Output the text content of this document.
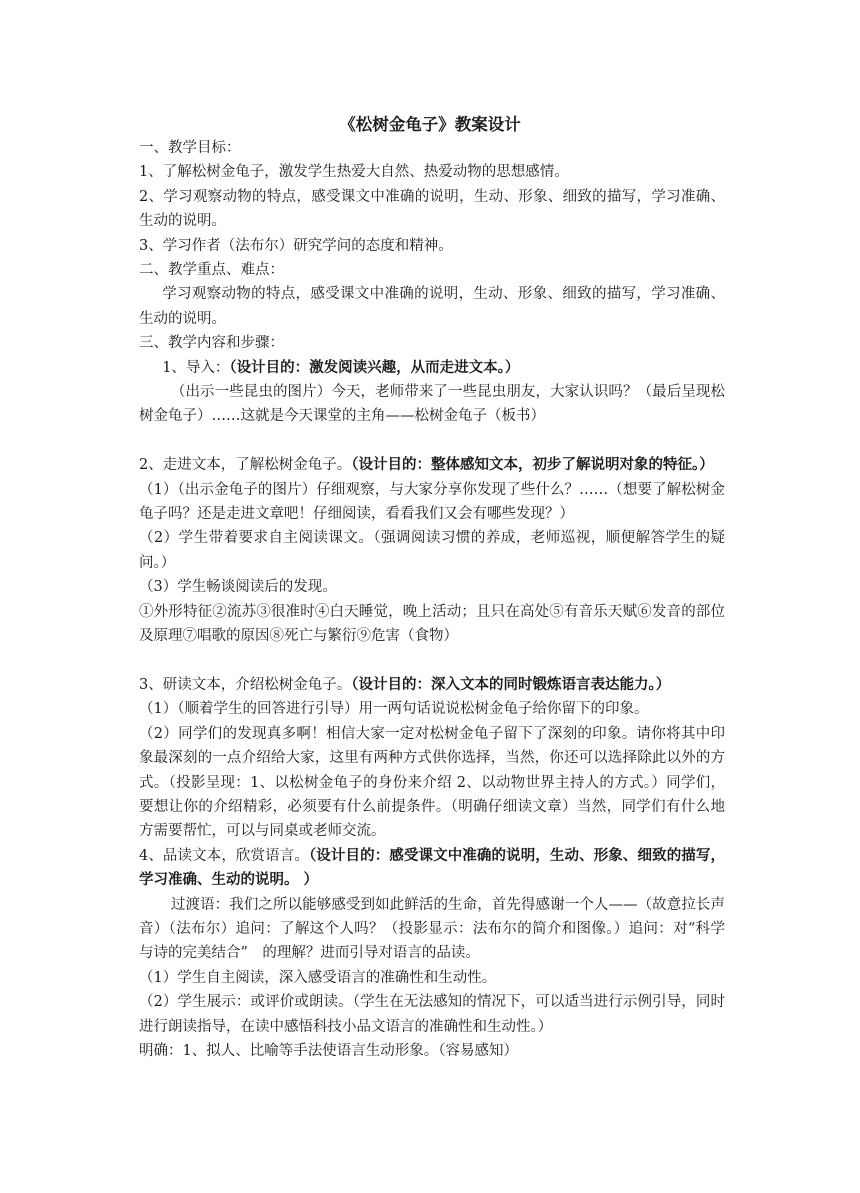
《松树金龟子》教案设计

一、教学目标：

1、了解松树金龟子，激发学生热爱大自然、热爱动物的思想感情。

2、学习观察动物的特点，感受课文中准确的说明，生动、形象、细致的描写，学习准确、生动的说明。

3、学习作者（法布尔）研究学问的态度和精神。

二、教学重点、难点：

学习观察动物的特点，感受课文中准确的说明，生动、形象、细致的描写，学习准确、生动的说明。

三、教学内容和步骤：

1、导入：（设计目的：激发阅读兴趣，从而走进文本。）

（出示一些昆虫的图片）今天，老师带来了一些昆虫朋友，大家认识吗？（最后呈现松树金龟子）……这就是今天课堂的主角——松树金龟子（板书）

2、走进文本，了解松树金龟子。（设计目的：整体感知文本，初步了解说明对象的特征。）

（1）（出示金龟子的图片）仔细观察，与大家分享你发现了些什么？……（想要了解松树金龟子吗？还是走进文章吧！仔细阅读，看看我们又会有哪些发现？）

（2）学生带着要求自主阅读课文。（强调阅读习惯的养成，老师巡视，顺便解答学生的疑问。）

（3）学生畅谈阅读后的发现。

①外形特征②流苏③很准时④白天睡觉，晚上活动；且只在高处⑤有音乐天赋⑥发音的部位及原理⑦唱歌的原因⑧死亡与繁衍⑨危害（食物）

3、研读文本，介绍松树金龟子。（设计目的：深入文本的同时锻炼语言表达能力。）

（1）（顺着学生的回答进行引导）用一两句话说说松树金龟子给你留下的印象。

（2）同学们的发现真多啊！相信大家一定对松树金龟子留下了深刻的印象。请你将其中印象最深刻的一点介绍给大家，这里有两种方式供你选择，当然，你还可以选择除此以外的方式。（投影呈现：1、以松树金龟子的身份来介绍 2、以动物世界主持人的方式。）同学们，要想让你的介绍精彩，必须要有什么前提条件。（明确仔细读文章）当然，同学们有什么地方需要帮忙，可以与同桌或老师交流。

4、品读文本，欣赏语言。（设计目的：感受课文中准确的说明，生动、形象、细致的描写，学习准确、生动的说明。 ）

过渡语：我们之所以能够感受到如此鲜活的生命，首先得感谢一个人——（故意拉长声音）（法布尔）追问：了解这个人吗？（投影显示：法布尔的简介和图像。）追问：对“科学与诗的完美结合”　的理解？进而引导对语言的品读。

（1）学生自主阅读，深入感受语言的准确性和生动性。

（2）学生展示：或评价或朗读。（学生在无法感知的情况下，可以适当进行示例引导，同时进行朗读指导，在读中感悟科技小品文语言的准确性和生动性。）

明确：1、拟人、比喻等手法使语言生动形象。（容易感知）
